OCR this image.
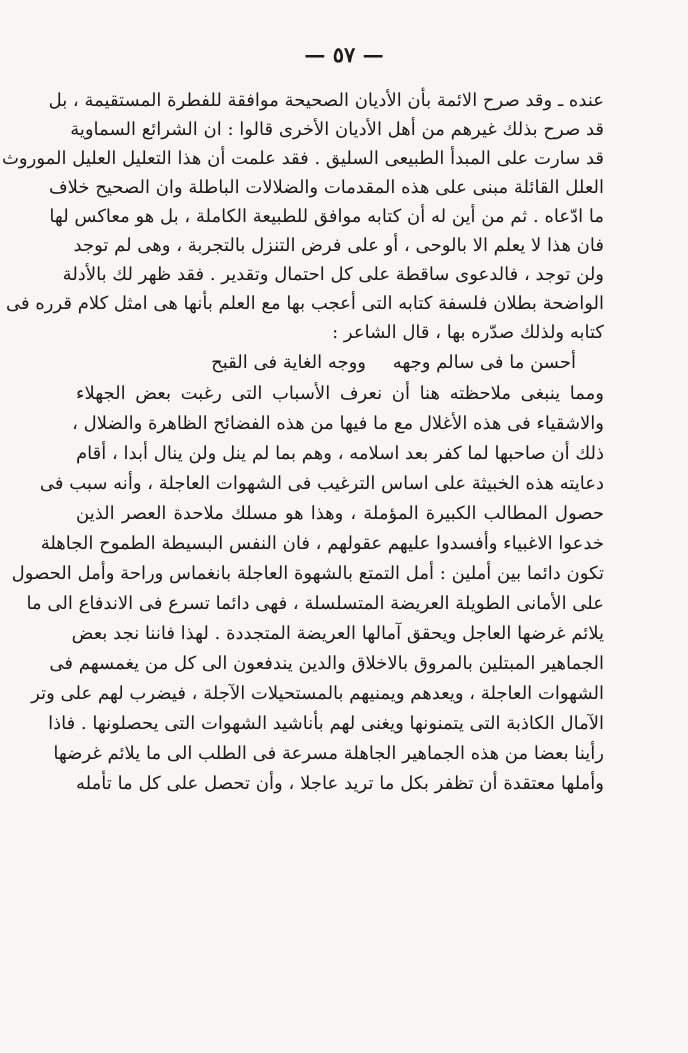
— ٥٧ —
عنده ـ وقد صرح الائمة بأن الأديان الصحيحة موافقة للفطرة المستقيمة ، بل
قد صرح بذلك غيرهم من أهل الأديان الأخرى قالوا : ان الشرائع السماوية
قد سارت على المبدأ الطبيعى السليق . فقد علمت أن هذا التعليل العليل الموروث
العلل القائلة مبنى على هذه المقدمات والضلالات الباطلة وان الصحيح خلاف
ما ادّعاه . ثم من أين له أن كتابه موافق للطبيعة الكاملة ، بل هو معاكس لها
فان هذا لا يعلم الا بالوحى ، أو على فرض التنزل بالتجربة ، وهى لم توجد
ولن توجد ، فالدعوى ساقطة على كل احتمال وتقدير . فقد ظهر لك بالأدلة
الواضحة بطلان فلسفة كتابه التى أعجب بها مع العلم بأنها هى امثل كلام قرره فى
كتابه ولذلك صدّره بها ، قال الشاعر :
أحسن ما فى سالم وجهه
ووجه الغاية فى القبح
ومما ينبغى ملاحظته هنا أن نعرف الأسباب التى رغبت بعض الجهلاء
والاشقياء فى هذه الأغلال مع ما فيها من هذه الفضائح الظاهرة والضلال ،
ذلك أن صاحبها لما كفر بعد اسلامه ، وهم بما لم ينل ولن ينال أبدا ، أقام
دعايته هذه الخبيثة على اساس الترغيب فى الشهوات العاجلة ، وأنه سبب فى
حصول المطالب الكبيرة المؤملة ، وهذا هو مسلك ملاحدة العصر الذين
خدعوا الاغبياء وأفسدوا عليهم عقولهم ، فان النفس البسيطة الطموح الجاهلة
تكون دائما بين أملين : أمل التمتع بالشهوة العاجلة بانغماس وراحة وأمل الحصول
على الأمانى الطويلة العريضة المتسلسلة ، فهى دائما تسرع فى الاندفاع الى ما
يلائم غرضها العاجل ويحقق آمالها العريضة المتجددة . لهذا فاننا نجد بعض
الجماهير المبتلين بالمروق بالاخلاق والدين يندفعون الى كل من يغمسهم فى
الشهوات العاجلة ، ويعدهم ويمنيهم بالمستحيلات الآجلة ، فيضرب لهم على وتر
الآمال الكاذبة التى يتمنونها ويغنى لهم بأناشيد الشهوات التى يحصلونها . فاذا
رأينا بعضا من هذه الجماهير الجاهلة مسرعة فى الطلب الى ما يلائم غرضها
وأملها معتقدة أن تظفر بكل ما تريد عاجلا ، وأن تحصل على كل ما تأمله
